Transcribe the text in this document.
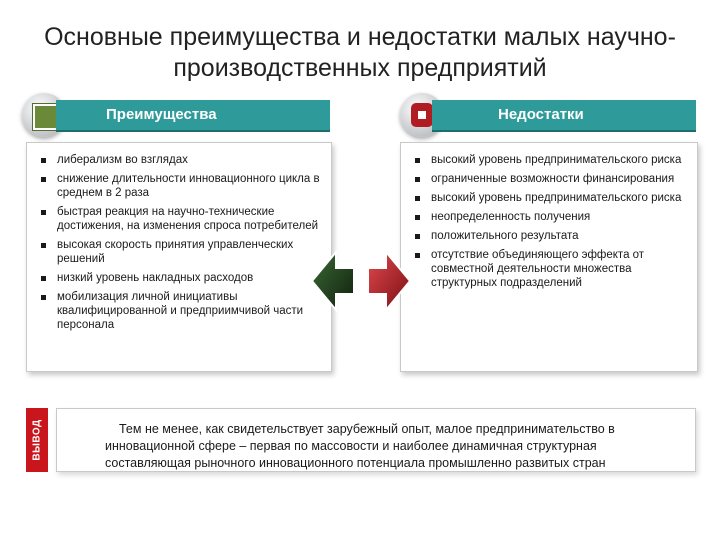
Основные преимущества и недостатки малых научно-производственных предприятий
Преимущества
либерализм во взглядах
снижение длительности инновационного цикла в среднем в 2 раза
быстрая реакция на научно-технические достижения, на изменения спроса потребителей
высокая скорость принятия управленческих решений
низкий уровень накладных расходов
мобилизация личной инициативы квалифицированной и предприимчивой части персонала
Недостатки
высокий уровень предпринимательского риска
ограниченные возможности финансирования
высокий уровень предпринимательского риска
неопределенность получения
положительного результата
отсутствие объединяющего эффекта от совместной деятельности множества структурных подразделений
ВЫВОД	Тем не менее, как свидетельствует зарубежный опыт, малое предпринимательство в инновационной сфере – первая по массовости и наиболее динамичная структурная составляющая рыночного инновационного потенциала промышленно развитых стран
